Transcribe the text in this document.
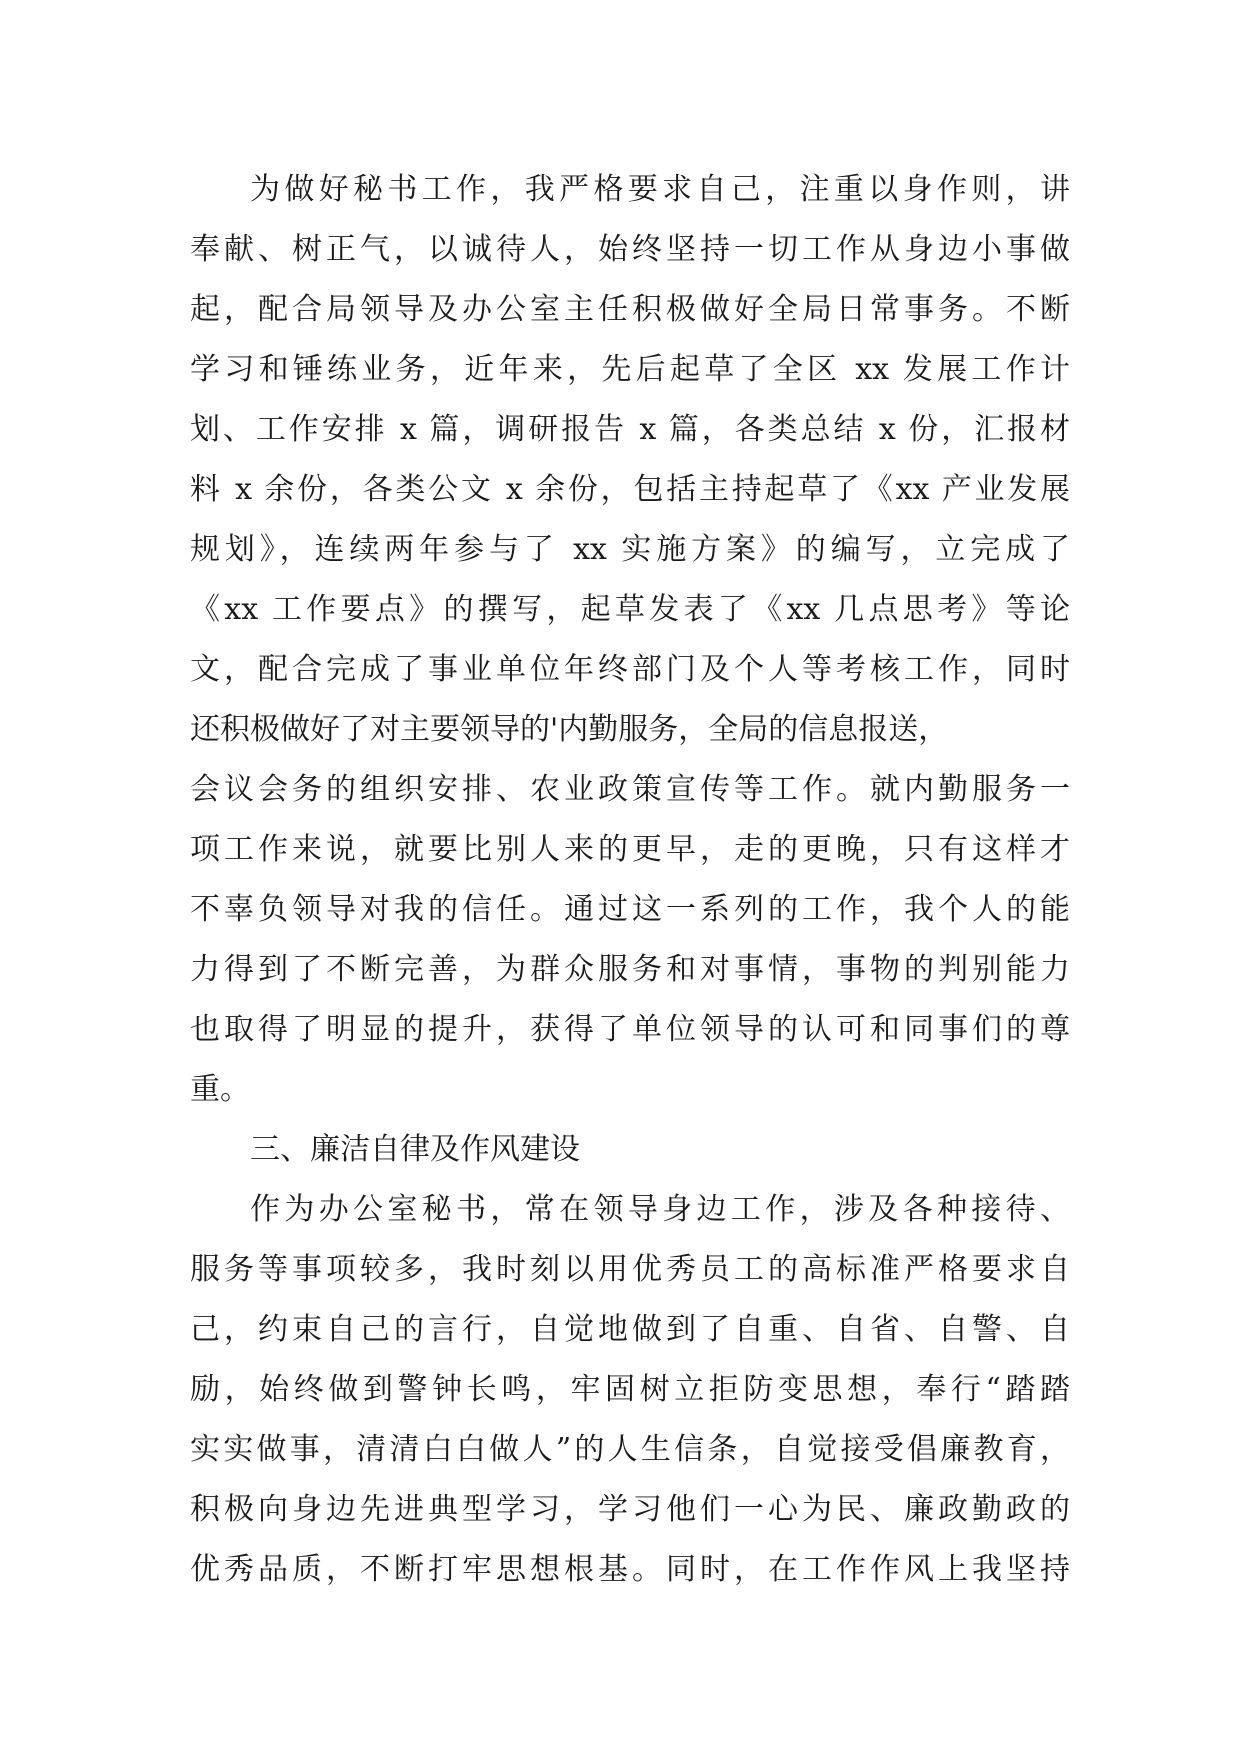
为做好秘书工作，我严格要求自己，注重以身作则，讲
奉献、树正气，以诚待人，始终坚持一切工作从身边小事做
起，配合局领导及办公室主任积极做好全局日常事务。不断
学习和锤练业务，近年来，先后起草了全区 xx 发展工作计
划、工作安排 x 篇，调研报告 x 篇，各类总结 x 份，汇报材
料 x 余份，各类公文 x 余份，包括主持起草了《xx 产业发展
规划》，连续两年参与了 xx 实施方案》的编写，立完成了
《xx 工作要点》的撰写，起草发表了《xx 几点思考》等论
文，配合完成了事业单位年终部门及个人等考核工作，同时
还积极做好了对主要领导的'内勤服务，全局的信息报送，
会议会务的组织安排、农业政策宣传等工作。就内勤服务一
项工作来说，就要比别人来的更早，走的更晚，只有这样才
不辜负领导对我的信任。通过这一系列的工作，我个人的能
力得到了不断完善，为群众服务和对事情，事物的判别能力
也取得了明显的提升，获得了单位领导的认可和同事们的尊
重。
三、廉洁自律及作风建设
作为办公室秘书，常在领导身边工作，涉及各种接待、
服务等事项较多，我时刻以用优秀员工的高标准严格要求自
己，约束自己的言行，自觉地做到了自重、自省、自警、自
励，始终做到警钟长鸣，牢固树立拒防变思想，奉行“踏踏
实实做事，清清白白做人”的人生信条，自觉接受倡廉教育，
积极向身边先进典型学习，学习他们一心为民、廉政勤政的
优秀品质，不断打牢思想根基。同时，在工作作风上我坚持
